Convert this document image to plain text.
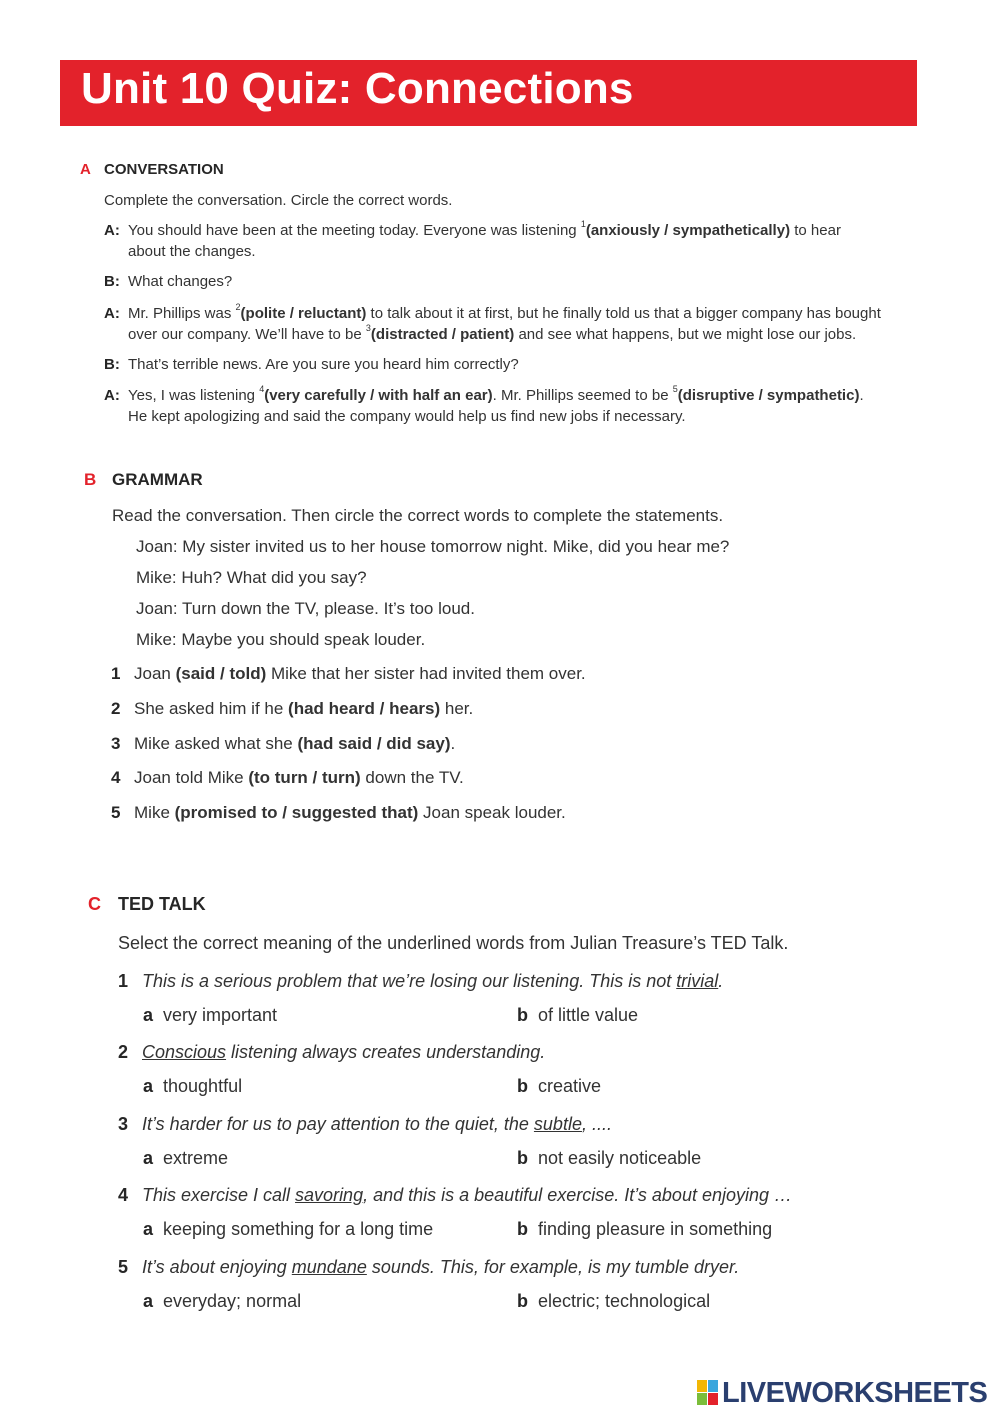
Unit 10 Quiz: Connections
A CONVERSATION
Complete the conversation. Circle the correct words.
A: You should have been at the meeting today. Everyone was listening $^1$(anxiously / sympathetically) to hear
about the changes.
B: What changes?
A: Mr. Phillips was $^2$(polite / reluctant) to talk about it at first, but he finally told us that a bigger company has bought
over our company. We’ll have to be $^3$(distracted / patient) and see what happens, but we might lose our jobs.
B: That’s terrible news. Are you sure you heard him correctly?
A: Yes, I was listening $^4$(very carefully / with half an ear). Mr. Phillips seemed to be $^5$(disruptive / sympathetic).
He kept apologizing and said the company would help us find new jobs if necessary.
B GRAMMAR
Read the conversation. Then circle the correct words to complete the statements.
Joan: My sister invited us to her house tomorrow night. Mike, did you hear me?
Mike: Huh? What did you say?
Joan: Turn down the TV, please. It’s too loud.
Mike: Maybe you should speak louder.
1 Joan (said / told) Mike that her sister had invited them over.
2 She asked him if he (had heard / hears) her.
3 Mike asked what she (had said / did say).
4 Joan told Mike (to turn / turn) down the TV.
5 Mike (promised to / suggested that) Joan speak louder.
C TED TALK
Select the correct meaning of the underlined words from Julian Treasure’s TED Talk.
1 This is a serious problem that we’re losing our listening. This is not trivial.
a very important	b of little value
2 Conscious listening always creates understanding.
a thoughtful	b creative
3 It’s harder for us to pay attention to the quiet, the subtle, ....
a extreme	b not easily noticeable
4 This exercise I call savoring, and this is a beautiful exercise. It’s about enjoying …
a keeping something for a long time	b finding pleasure in something
5 It’s about enjoying mundane sounds. This, for example, is my tumble dryer.
a everyday; normal	b electric; technological
LIVEWORKSHEETS
